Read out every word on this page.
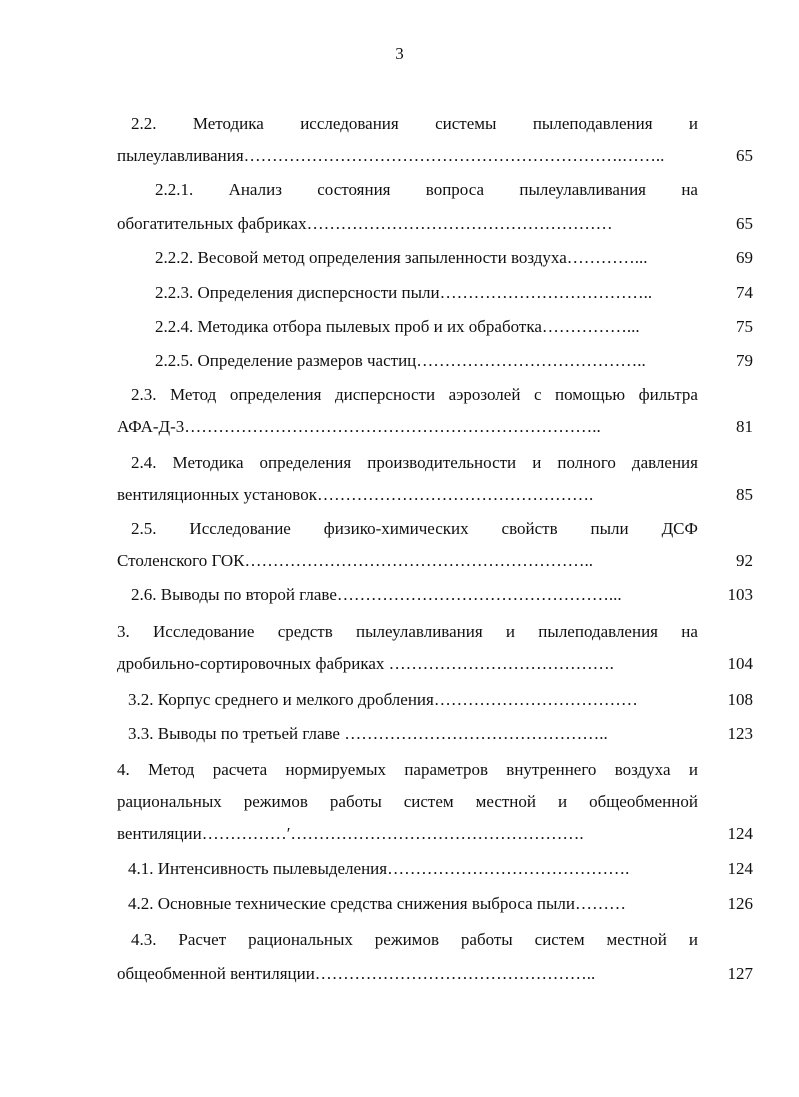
3
2.2. Методика исследования системы пылеподавления и
пылеулавливания………………………………………………………….……..	65
2.2.1. Анализ состояния вопроса пылеулавливания на
обогатительных фабриках………………………………………………	65
2.2.2. Весовой метод определения запыленности воздуха…………...	69
2.2.3. Определения дисперсности пыли………………………………..	74
2.2.4. Методика отбора пылевых проб и их обработка……………...	75
2.2.5. Определение размеров частиц…………………………………..	79
2.3. Метод определения дисперсности аэрозолей с помощью фильтра
АФА-Д-3………………………………………………………………..	81
2.4. Методика определения производительности и полного давления
вентиляционных установок………………………………………….	85
2.5. Исследование физико-химических свойств пыли ДСФ
Столенского ГОК……………………………………………………..	92
2.6. Выводы по второй главе…………………………………………...	103
3. Исследование средств пылеулавливания и пылеподавления на
дробильно-сортировочных фабриках ………………………………….	104
3.2. Корпус среднего и мелкого дробления………………………………	108
3.3. Выводы по третьей главе ………………………………………..	123
4. Метод расчета нормируемых параметров внутреннего воздуха и
рациональных режимов работы систем местной и общеобменной
вентиляции……………ʹ…………………………………………….	124
4.1. Интенсивность пылевыделения…………………………………….	124
4.2. Основные технические средства снижения выброса пыли………	126
4.3. Расчет рациональных режимов работы систем местной и
общеобменной вентиляции…………………………………………..	127
